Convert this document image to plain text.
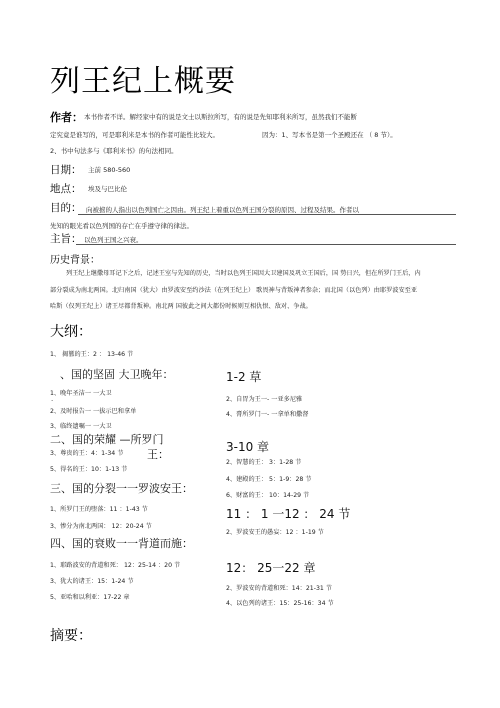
列王纪上概要
作者： 本书作者不详。解经家中有的说是文士以斯拉所写，有的说是先知耶利米所写，虽然我们不能断
定究竟是谁写的，可是耶利米是本书的作者可能性比较大。	因为：1、写本书是第一个圣殿还在 （ 8 节）。
2、书中句法多与《耶利米书》的句法相同。
日期： 主前 580-560
地点： 埃及与巴比伦
目的： 向被掳的人指出以色列国亡之因由。列王纪上着重以色列王国分裂的原因、过程及结果。作者以
先知的眼光看以色列国的存亡在乎遵守律的律法。
主旨： 以色列王国之兴衰。
历史背景：
列王纪上继撒母耳记下之后，记述王室与先知的历史，当时以色列王国因大卫建国及巩立王国后，国 势日兴，但在所罗门王后，内
部分裂成为南北两国。北归南国（犹大）由罗波安至约沙法（在列王纪上） 歌畏神与背叛神者参杂；而北国（以色列）由耶罗波安至亚
哈斯（仅列王纪上）诸王尽都背叛神。南北两 国彼此之间大都份时候则互相仇恨、敌对、争战。
大纲：
1、 揭篡的王：2 ： 13-46 节
、国的坚固 大卫晚年：
1、晚年圣洁一 一大卫
·
2、及时报告一 一拔示巴和拿单
3、临终遗嘱一 一大卫
二、国的荣耀 —所罗门
王：
3、尊贵的王：4：1-34 节
5、得名的王：10：1-13 节
三、国的分裂一一罗波安王：
1、所罗门王的堕落：11 ：1-43 节
3、惨分为南北两国： 12：20-24 节
四、国的衰败一一背道而施：
1、耶路波安的背道和死： 12：25-14 ：20 节
3、犹大的诸王：15：1-24 节
5、亚哈和以利亚：17-22 章
1-2 草
2、自胃为王一- 一亚多尼雅
4、膏所罗门一- 一拿单和撒督
3-10 章
2、智慧的王： 3：1-28 节
4、建殿的王： 5：1-9：28 节
6、财富的王： 10：14-29 节
11 ： 1 一12 ： 24 节
2、罗波安王的愚妄：12 ：1-19 节
12： 25一22 章
2、罗波安的背道和死：14：21-31 节
4、以色列的诸王：15：25-16：34 节
摘要：
